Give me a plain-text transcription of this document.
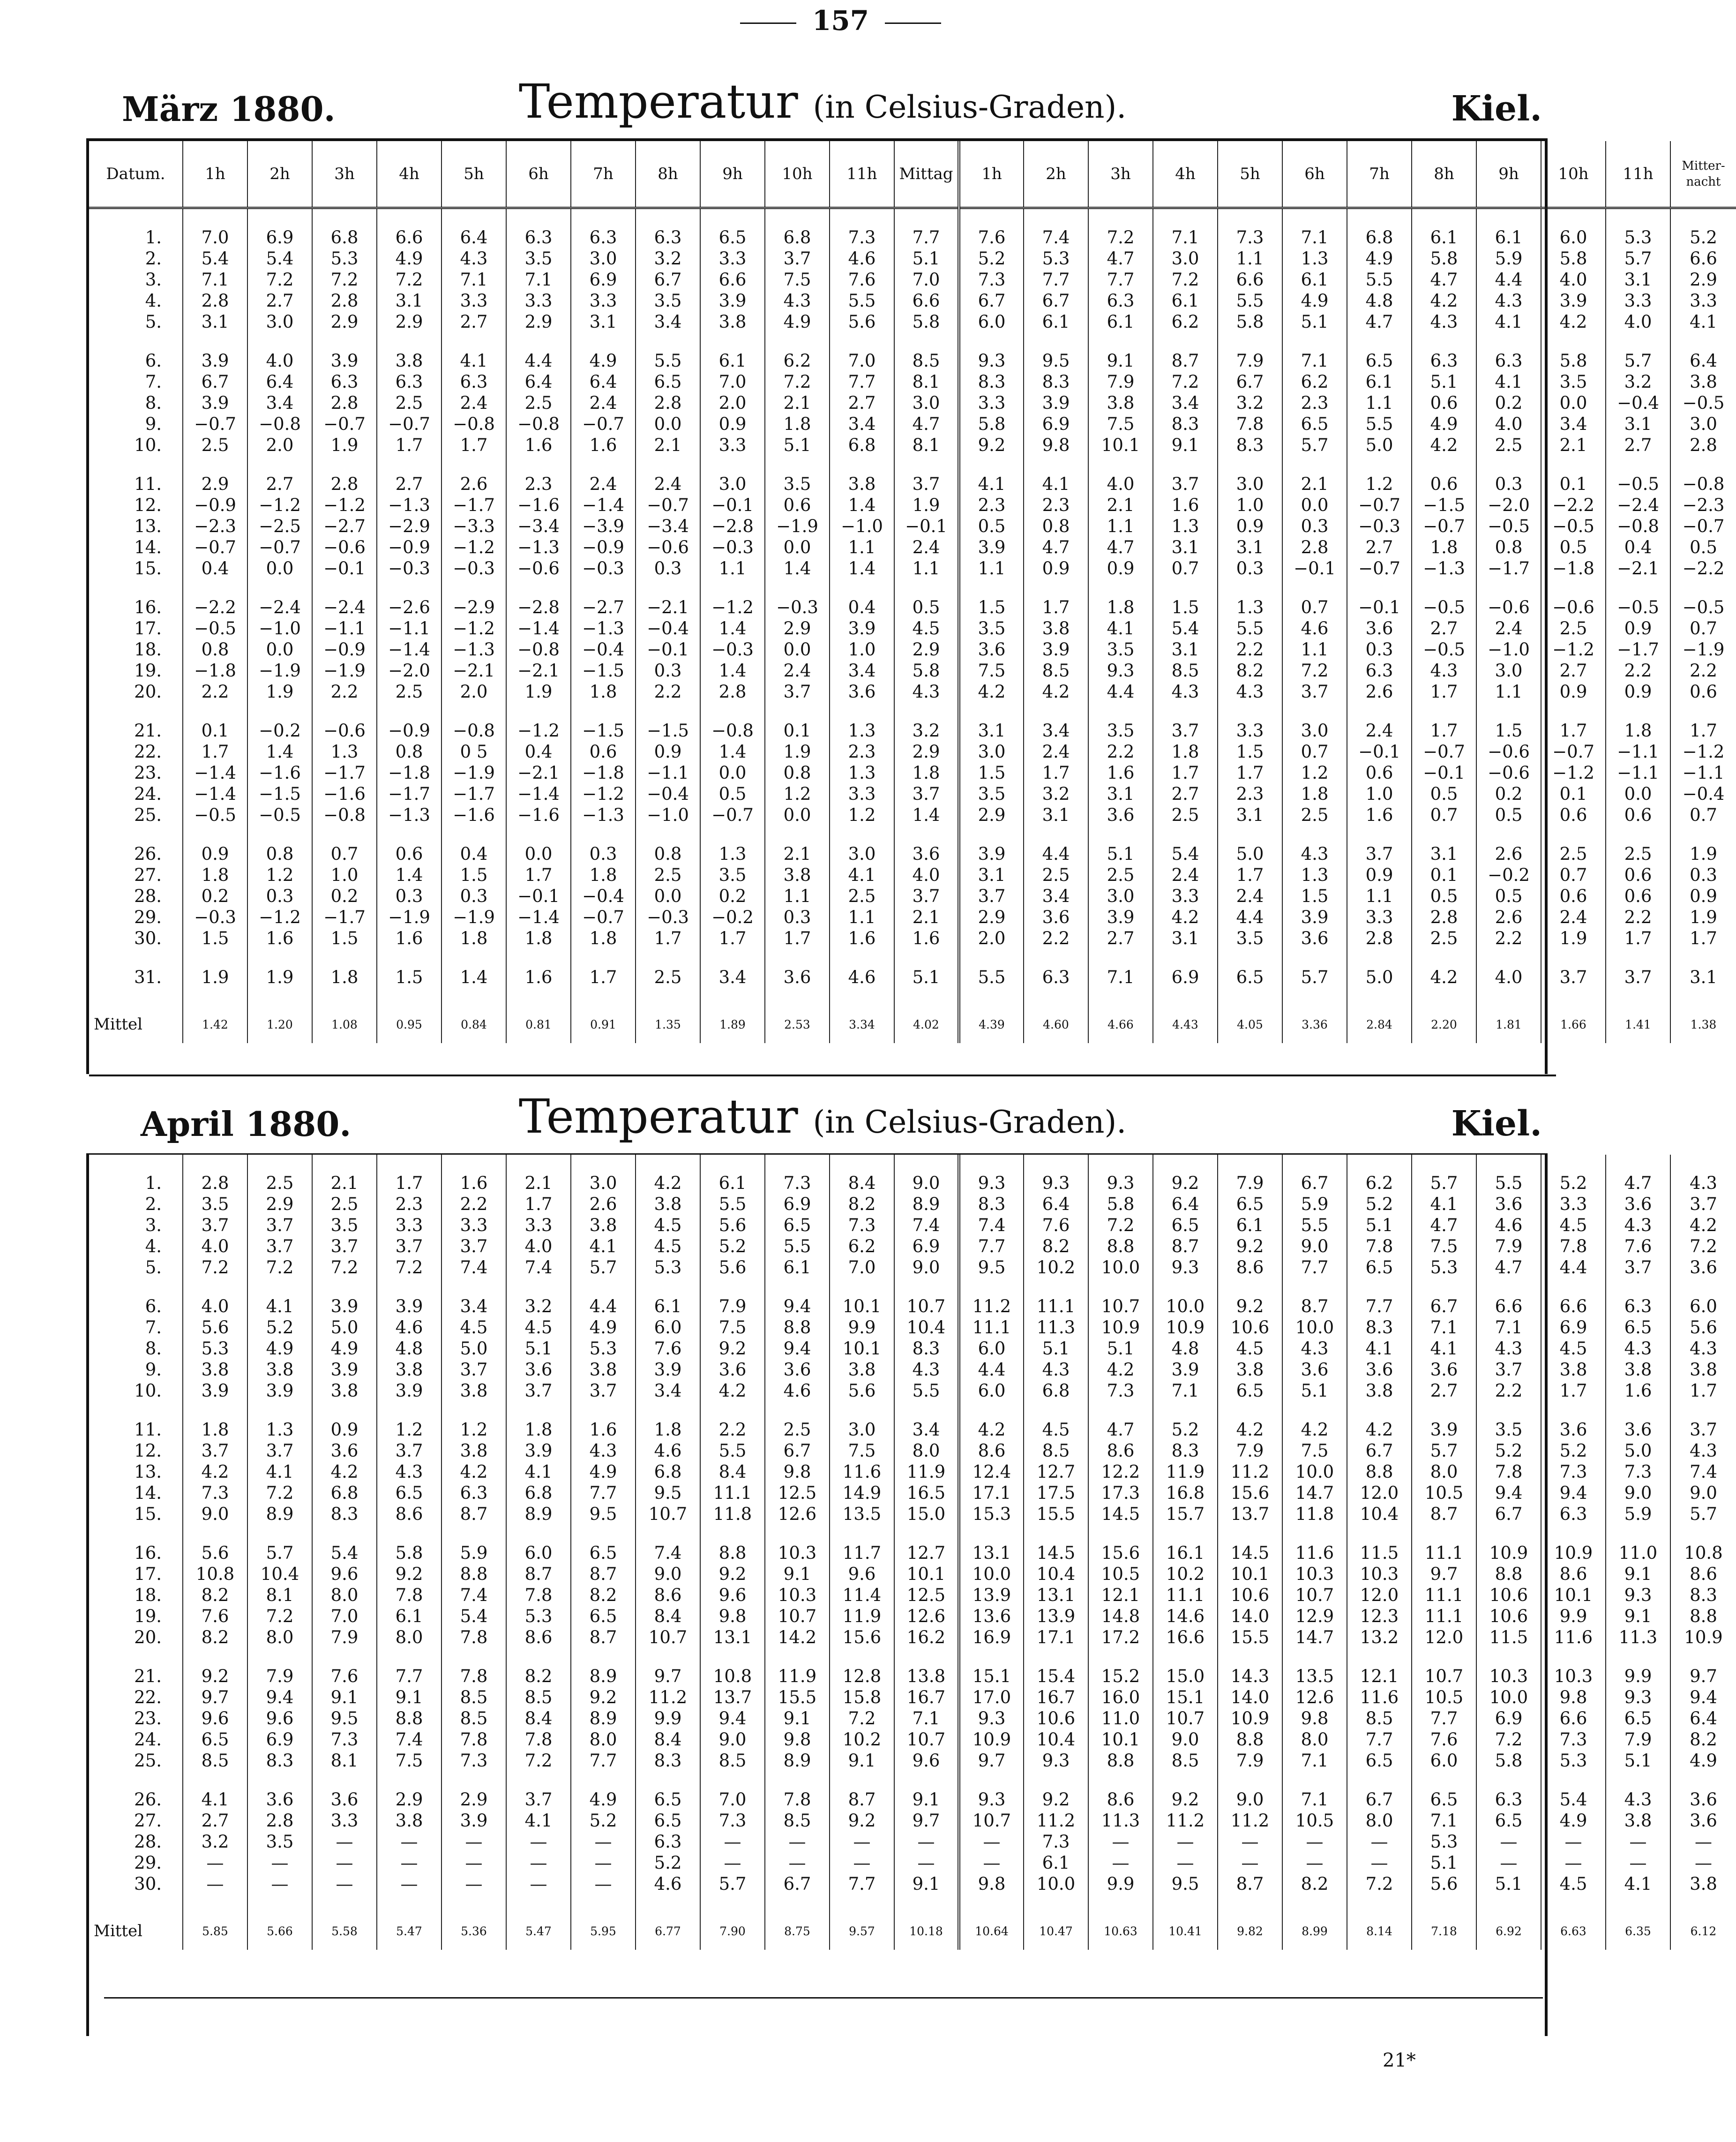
157
März 1880.	Temperatur (in Celsius-Graden).	Kiel.
Datum.	1h	2h	3h	4h	5h	6h	7h	8h	9h	10h	11h	Mittag	1h	2h	3h	4h	5h	6h	7h	8h	9h	10h	11h	Mitter-nacht

1.	7.0	6.9	6.8	6.6	6.4	6.3	6.3	6.3	6.5	6.8	7.3	7.7	7.6	7.4	7.2	7.1	7.3	7.1	6.8	6.1	6.1	6.0	5.3	5.2
2.	5.4	5.4	5.3	4.9	4.3	3.5	3.0	3.2	3.3	3.7	4.6	5.1	5.2	5.3	4.7	3.0	1.1	1.3	4.9	5.8	5.9	5.8	5.7	6.6
3.	7.1	7.2	7.2	7.2	7.1	7.1	6.9	6.7	6.6	7.5	7.6	7.0	7.3	7.7	7.7	7.2	6.6	6.1	5.5	4.7	4.4	4.0	3.1	2.9
4.	2.8	2.7	2.8	3.1	3.3	3.3	3.3	3.5	3.9	4.3	5.5	6.6	6.7	6.7	6.3	6.1	5.5	4.9	4.8	4.2	4.3	3.9	3.3	3.3
5.	3.1	3.0	2.9	2.9	2.7	2.9	3.1	3.4	3.8	4.9	5.6	5.8	6.0	6.1	6.1	6.2	5.8	5.1	4.7	4.3	4.1	4.2	4.0	4.1

6.	3.9	4.0	3.9	3.8	4.1	4.4	4.9	5.5	6.1	6.2	7.0	8.5	9.3	9.5	9.1	8.7	7.9	7.1	6.5	6.3	6.3	5.8	5.7	6.4
7.	6.7	6.4	6.3	6.3	6.3	6.4	6.4	6.5	7.0	7.2	7.7	8.1	8.3	8.3	7.9	7.2	6.7	6.2	6.1	5.1	4.1	3.5	3.2	3.8
8.	3.9	3.4	2.8	2.5	2.4	2.5	2.4	2.8	2.0	2.1	2.7	3.0	3.3	3.9	3.8	3.4	3.2	2.3	1.1	0.6	0.2	0.0	−0.4	−0.5
9.	−0.7	−0.8	−0.7	−0.7	−0.8	−0.8	−0.7	0.0	0.9	1.8	3.4	4.7	5.8	6.9	7.5	8.3	7.8	6.5	5.5	4.9	4.0	3.4	3.1	3.0
10.	2.5	2.0	1.9	1.7	1.7	1.6	1.6	2.1	3.3	5.1	6.8	8.1	9.2	9.8	10.1	9.1	8.3	5.7	5.0	4.2	2.5	2.1	2.7	2.8

11.	2.9	2.7	2.8	2.7	2.6	2.3	2.4	2.4	3.0	3.5	3.8	3.7	4.1	4.1	4.0	3.7	3.0	2.1	1.2	0.6	0.3	0.1	−0.5	−0.8
12.	−0.9	−1.2	−1.2	−1.3	−1.7	−1.6	−1.4	−0.7	−0.1	0.6	1.4	1.9	2.3	2.3	2.1	1.6	1.0	0.0	−0.7	−1.5	−2.0	−2.2	−2.4	−2.3
13.	−2.3	−2.5	−2.7	−2.9	−3.3	−3.4	−3.9	−3.4	−2.8	−1.9	−1.0	−0.1	0.5	0.8	1.1	1.3	0.9	0.3	−0.3	−0.7	−0.5	−0.5	−0.8	−0.7
14.	−0.7	−0.7	−0.6	−0.9	−1.2	−1.3	−0.9	−0.6	−0.3	0.0	1.1	2.4	3.9	4.7	4.7	3.1	3.1	2.8	2.7	1.8	0.8	0.5	0.4	0.5
15.	0.4	0.0	−0.1	−0.3	−0.3	−0.6	−0.3	0.3	1.1	1.4	1.4	1.1	1.1	0.9	0.9	0.7	0.3	−0.1	−0.7	−1.3	−1.7	−1.8	−2.1	−2.2

16.	−2.2	−2.4	−2.4	−2.6	−2.9	−2.8	−2.7	−2.1	−1.2	−0.3	0.4	0.5	1.5	1.7	1.8	1.5	1.3	0.7	−0.1	−0.5	−0.6	−0.6	−0.5	−0.5
17.	−0.5	−1.0	−1.1	−1.1	−1.2	−1.4	−1.3	−0.4	1.4	2.9	3.9	4.5	3.5	3.8	4.1	5.4	5.5	4.6	3.6	2.7	2.4	2.5	0.9	0.7
18.	0.8	0.0	−0.9	−1.4	−1.3	−0.8	−0.4	−0.1	−0.3	0.0	1.0	2.9	3.6	3.9	3.5	3.1	2.2	1.1	0.3	−0.5	−1.0	−1.2	−1.7	−1.9
19.	−1.8	−1.9	−1.9	−2.0	−2.1	−2.1	−1.5	0.3	1.4	2.4	3.4	5.8	7.5	8.5	9.3	8.5	8.2	7.2	6.3	4.3	3.0	2.7	2.2	2.2
20.	2.2	1.9	2.2	2.5	2.0	1.9	1.8	2.2	2.8	3.7	3.6	4.3	4.2	4.2	4.4	4.3	4.3	3.7	2.6	1.7	1.1	0.9	0.9	0.6

21.	0.1	−0.2	−0.6	−0.9	−0.8	−1.2	−1.5	−1.5	−0.8	0.1	1.3	3.2	3.1	3.4	3.5	3.7	3.3	3.0	2.4	1.7	1.5	1.7	1.8	1.7
22.	1.7	1.4	1.3	0.8	0 5	0.4	0.6	0.9	1.4	1.9	2.3	2.9	3.0	2.4	2.2	1.8	1.5	0.7	−0.1	−0.7	−0.6	−0.7	−1.1	−1.2
23.	−1.4	−1.6	−1.7	−1.8	−1.9	−2.1	−1.8	−1.1	0.0	0.8	1.3	1.8	1.5	1.7	1.6	1.7	1.7	1.2	0.6	−0.1	−0.6	−1.2	−1.1	−1.1
24.	−1.4	−1.5	−1.6	−1.7	−1.7	−1.4	−1.2	−0.4	0.5	1.2	3.3	3.7	3.5	3.2	3.1	2.7	2.3	1.8	1.0	0.5	0.2	0.1	0.0	−0.4
25.	−0.5	−0.5	−0.8	−1.3	−1.6	−1.6	−1.3	−1.0	−0.7	0.0	1.2	1.4	2.9	3.1	3.6	2.5	3.1	2.5	1.6	0.7	0.5	0.6	0.6	0.7

26.	0.9	0.8	0.7	0.6	0.4	0.0	0.3	0.8	1.3	2.1	3.0	3.6	3.9	4.4	5.1	5.4	5.0	4.3	3.7	3.1	2.6	2.5	2.5	1.9
27.	1.8	1.2	1.0	1.4	1.5	1.7	1.8	2.5	3.5	3.8	4.1	4.0	3.1	2.5	2.5	2.4	1.7	1.3	0.9	0.1	−0.2	0.7	0.6	0.3
28.	0.2	0.3	0.2	0.3	0.3	−0.1	−0.4	0.0	0.2	1.1	2.5	3.7	3.7	3.4	3.0	3.3	2.4	1.5	1.1	0.5	0.5	0.6	0.6	0.9
29.	−0.3	−1.2	−1.7	−1.9	−1.9	−1.4	−0.7	−0.3	−0.2	0.3	1.1	2.1	2.9	3.6	3.9	4.2	4.4	3.9	3.3	2.8	2.6	2.4	2.2	1.9
30.	1.5	1.6	1.5	1.6	1.8	1.8	1.8	1.7	1.7	1.7	1.6	1.6	2.0	2.2	2.7	3.1	3.5	3.6	2.8	2.5	2.2	1.9	1.7	1.7

31.	1.9	1.9	1.8	1.5	1.4	1.6	1.7	2.5	3.4	3.6	4.6	5.1	5.5	6.3	7.1	6.9	6.5	5.7	5.0	4.2	4.0	3.7	3.7	3.1

Mittel	1.42	1.20	1.08	0.95	0.84	0.81	0.91	1.35	1.89	2.53	3.34	4.02	4.39	4.60	4.66	4.43	4.05	3.36	2.84	2.20	1.81	1.66	1.41	1.38
April 1880.	Temperatur (in Celsius-Graden).	Kiel.

1.	2.8	2.5	2.1	1.7	1.6	2.1	3.0	4.2	6.1	7.3	8.4	9.0	9.3	9.3	9.3	9.2	7.9	6.7	6.2	5.7	5.5	5.2	4.7	4.3
2.	3.5	2.9	2.5	2.3	2.2	1.7	2.6	3.8	5.5	6.9	8.2	8.9	8.3	6.4	5.8	6.4	6.5	5.9	5.2	4.1	3.6	3.3	3.6	3.7
3.	3.7	3.7	3.5	3.3	3.3	3.3	3.8	4.5	5.6	6.5	7.3	7.4	7.4	7.6	7.2	6.5	6.1	5.5	5.1	4.7	4.6	4.5	4.3	4.2
4.	4.0	3.7	3.7	3.7	3.7	4.0	4.1	4.5	5.2	5.5	6.2	6.9	7.7	8.2	8.8	8.7	9.2	9.0	7.8	7.5	7.9	7.8	7.6	7.2
5.	7.2	7.2	7.2	7.2	7.4	7.4	5.7	5.3	5.6	6.1	7.0	9.0	9.5	10.2	10.0	9.3	8.6	7.7	6.5	5.3	4.7	4.4	3.7	3.6

6.	4.0	4.1	3.9	3.9	3.4	3.2	4.4	6.1	7.9	9.4	10.1	10.7	11.2	11.1	10.7	10.0	9.2	8.7	7.7	6.7	6.6	6.6	6.3	6.0
7.	5.6	5.2	5.0	4.6	4.5	4.5	4.9	6.0	7.5	8.8	9.9	10.4	11.1	11.3	10.9	10.9	10.6	10.0	8.3	7.1	7.1	6.9	6.5	5.6
8.	5.3	4.9	4.9	4.8	5.0	5.1	5.3	7.6	9.2	9.4	10.1	8.3	6.0	5.1	5.1	4.8	4.5	4.3	4.1	4.1	4.3	4.5	4.3	4.3
9.	3.8	3.8	3.9	3.8	3.7	3.6	3.8	3.9	3.6	3.6	3.8	4.3	4.4	4.3	4.2	3.9	3.8	3.6	3.6	3.6	3.7	3.8	3.8	3.8
10.	3.9	3.9	3.8	3.9	3.8	3.7	3.7	3.4	4.2	4.6	5.6	5.5	6.0	6.8	7.3	7.1	6.5	5.1	3.8	2.7	2.2	1.7	1.6	1.7

11.	1.8	1.3	0.9	1.2	1.2	1.8	1.6	1.8	2.2	2.5	3.0	3.4	4.2	4.5	4.7	5.2	4.2	4.2	4.2	3.9	3.5	3.6	3.6	3.7
12.	3.7	3.7	3.6	3.7	3.8	3.9	4.3	4.6	5.5	6.7	7.5	8.0	8.6	8.5	8.6	8.3	7.9	7.5	6.7	5.7	5.2	5.2	5.0	4.3
13.	4.2	4.1	4.2	4.3	4.2	4.1	4.9	6.8	8.4	9.8	11.6	11.9	12.4	12.7	12.2	11.9	11.2	10.0	8.8	8.0	7.8	7.3	7.3	7.4
14.	7.3	7.2	6.8	6.5	6.3	6.8	7.7	9.5	11.1	12.5	14.9	16.5	17.1	17.5	17.3	16.8	15.6	14.7	12.0	10.5	9.4	9.4	9.0	9.0
15.	9.0	8.9	8.3	8.6	8.7	8.9	9.5	10.7	11.8	12.6	13.5	15.0	15.3	15.5	14.5	15.7	13.7	11.8	10.4	8.7	6.7	6.3	5.9	5.7

16.	5.6	5.7	5.4	5.8	5.9	6.0	6.5	7.4	8.8	10.3	11.7	12.7	13.1	14.5	15.6	16.1	14.5	11.6	11.5	11.1	10.9	10.9	11.0	10.8
17.	10.8	10.4	9.6	9.2	8.8	8.7	8.7	9.0	9.2	9.1	9.6	10.1	10.0	10.4	10.5	10.2	10.1	10.3	10.3	9.7	8.8	8.6	9.1	8.6
18.	8.2	8.1	8.0	7.8	7.4	7.8	8.2	8.6	9.6	10.3	11.4	12.5	13.9	13.1	12.1	11.1	10.6	10.7	12.0	11.1	10.6	10.1	9.3	8.3
19.	7.6	7.2	7.0	6.1	5.4	5.3	6.5	8.4	9.8	10.7	11.9	12.6	13.6	13.9	14.8	14.6	14.0	12.9	12.3	11.1	10.6	9.9	9.1	8.8
20.	8.2	8.0	7.9	8.0	7.8	8.6	8.7	10.7	13.1	14.2	15.6	16.2	16.9	17.1	17.2	16.6	15.5	14.7	13.2	12.0	11.5	11.6	11.3	10.9

21.	9.2	7.9	7.6	7.7	7.8	8.2	8.9	9.7	10.8	11.9	12.8	13.8	15.1	15.4	15.2	15.0	14.3	13.5	12.1	10.7	10.3	10.3	9.9	9.7
22.	9.7	9.4	9.1	9.1	8.5	8.5	9.2	11.2	13.7	15.5	15.8	16.7	17.0	16.7	16.0	15.1	14.0	12.6	11.6	10.5	10.0	9.8	9.3	9.4
23.	9.6	9.6	9.5	8.8	8.5	8.4	8.9	9.9	9.4	9.1	7.2	7.1	9.3	10.6	11.0	10.7	10.9	9.8	8.5	7.7	6.9	6.6	6.5	6.4
24.	6.5	6.9	7.3	7.4	7.8	7.8	8.0	8.4	9.0	9.8	10.2	10.7	10.9	10.4	10.1	9.0	8.8	8.0	7.7	7.6	7.2	7.3	7.9	8.2
25.	8.5	8.3	8.1	7.5	7.3	7.2	7.7	8.3	8.5	8.9	9.1	9.6	9.7	9.3	8.8	8.5	7.9	7.1	6.5	6.0	5.8	5.3	5.1	4.9

26.	4.1	3.6	3.6	2.9	2.9	3.7	4.9	6.5	7.0	7.8	8.7	9.1	9.3	9.2	8.6	9.2	9.0	7.1	6.7	6.5	6.3	5.4	4.3	3.6
27.	2.7	2.8	3.3	3.8	3.9	4.1	5.2	6.5	7.3	8.5	9.2	9.7	10.7	11.2	11.3	11.2	11.2	10.5	8.0	7.1	6.5	4.9	3.8	3.6
28.	3.2	3.5	—	—	—	—	—	6.3	—	—	—	—	—	7.3	—	—	—	—	—	5.3	—	—	—	—
29.	—	—	—	—	—	—	—	5.2	—	—	—	—	—	6.1	—	—	—	—	—	5.1	—	—	—	—
30.	—	—	—	—	—	—	—	4.6	5.7	6.7	7.7	9.1	9.8	10.0	9.9	9.5	8.7	8.2	7.2	5.6	5.1	4.5	4.1	3.8

Mittel	5.85	5.66	5.58	5.47	5.36	5.47	5.95	6.77	7.90	8.75	9.57	10.18	10.64	10.47	10.63	10.41	9.82	8.99	8.14	7.18	6.92	6.63	6.35	6.12
21*
